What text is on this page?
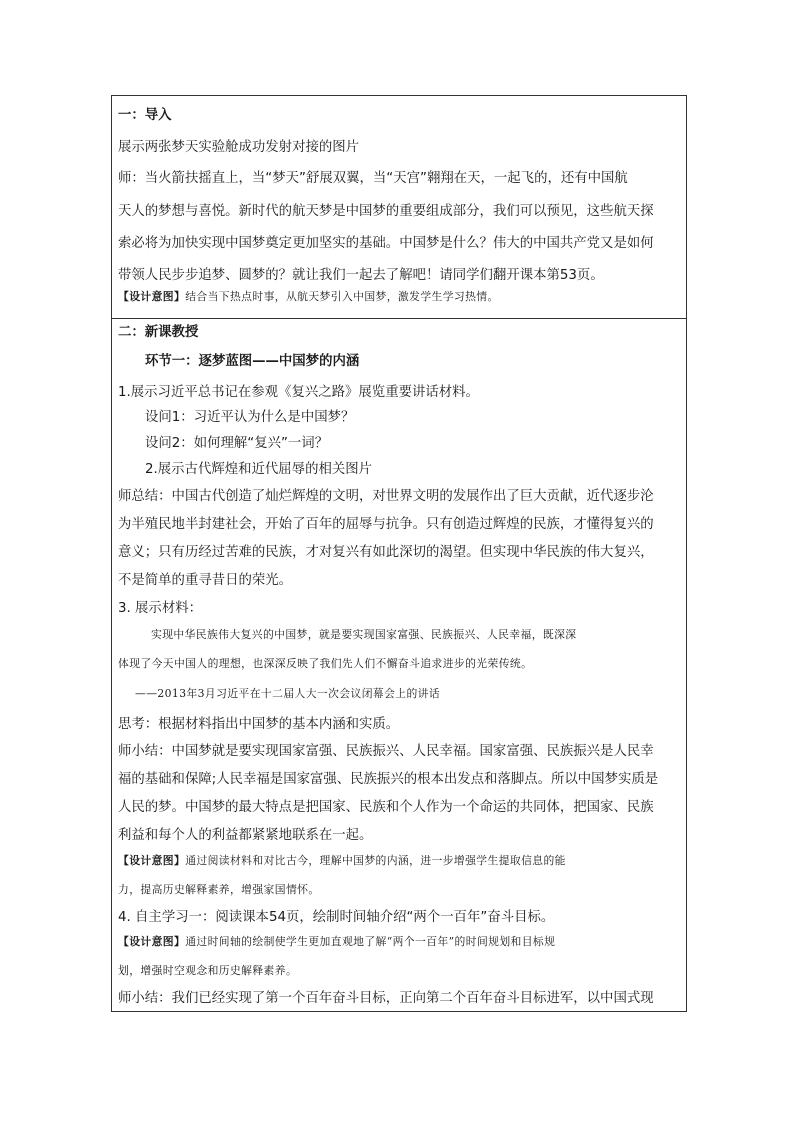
一：导入
展示两张梦天实验舱成功发射对接的图片
师：当火箭扶摇直上，当“梦天”舒展双翼，当“天宫”翱翔在天，一起飞的，还有中国航
天人的梦想与喜悦。新时代的航天梦是中国梦的重要组成部分，我们可以预见，这些航天探
索必将为加快实现中国梦奠定更加坚实的基础。中国梦是什么？伟大的中国共产党又是如何
带领人民步步追梦、圆梦的？就让我们一起去了解吧！请同学们翻开课本第53页。
【设计意图】结合当下热点时事，从航天梦引入中国梦，激发学生学习热情。
二：新课教授
环节一：逐梦蓝图——中国梦的内涵
1.展示习近平总书记在参观《复兴之路》展览重要讲话材料。
设问1：习近平认为什么是中国梦？
设问2：如何理解“复兴”一词？
2.展示古代辉煌和近代屈辱的相关图片
师总结：中国古代创造了灿烂辉煌的文明，对世界文明的发展作出了巨大贡献，近代逐步沦
为半殖民地半封建社会，开始了百年的屈辱与抗争。只有创造过辉煌的民族，才懂得复兴的
意义；只有历经过苦难的民族，才对复兴有如此深切的渴望。但实现中华民族的伟大复兴，
不是简单的重寻昔日的荣光。
3. 展示材料：
实现中华民族伟大复兴的中国梦，就是要实现国家富强、民族振兴、人民幸福，既深深
体现了今天中国人的理想，也深深反映了我们先人们不懈奋斗追求进步的光荣传统。
——2013年3月习近平在十二届人大一次会议闭幕会上的讲话
思考：根据材料指出中国梦的基本内涵和实质。
师小结：中国梦就是要实现国家富强、民族振兴、人民幸福。国家富强、民族振兴是人民幸
福的基础和保障;人民幸福是国家富强、民族振兴的根本出发点和落脚点。所以中国梦实质是
人民的梦。中国梦的最大特点是把国家、民族和个人作为一个命运的共同体，把国家、民族
利益和每个人的利益都紧紧地联系在一起。
【设计意图】通过阅读材料和对比古今，理解中国梦的内涵，进一步增强学生提取信息的能
力，提高历史解释素养，增强家国情怀。
4. 自主学习一：阅读课本54页，绘制时间轴介绍“两个一百年”奋斗目标。
【设计意图】通过时间轴的绘制使学生更加直观地了解“两个一百年”的时间规划和目标规
划，增强时空观念和历史解释素养。
师小结：我们已经实现了第一个百年奋斗目标，正向第二个百年奋斗目标进军，以中国式现
